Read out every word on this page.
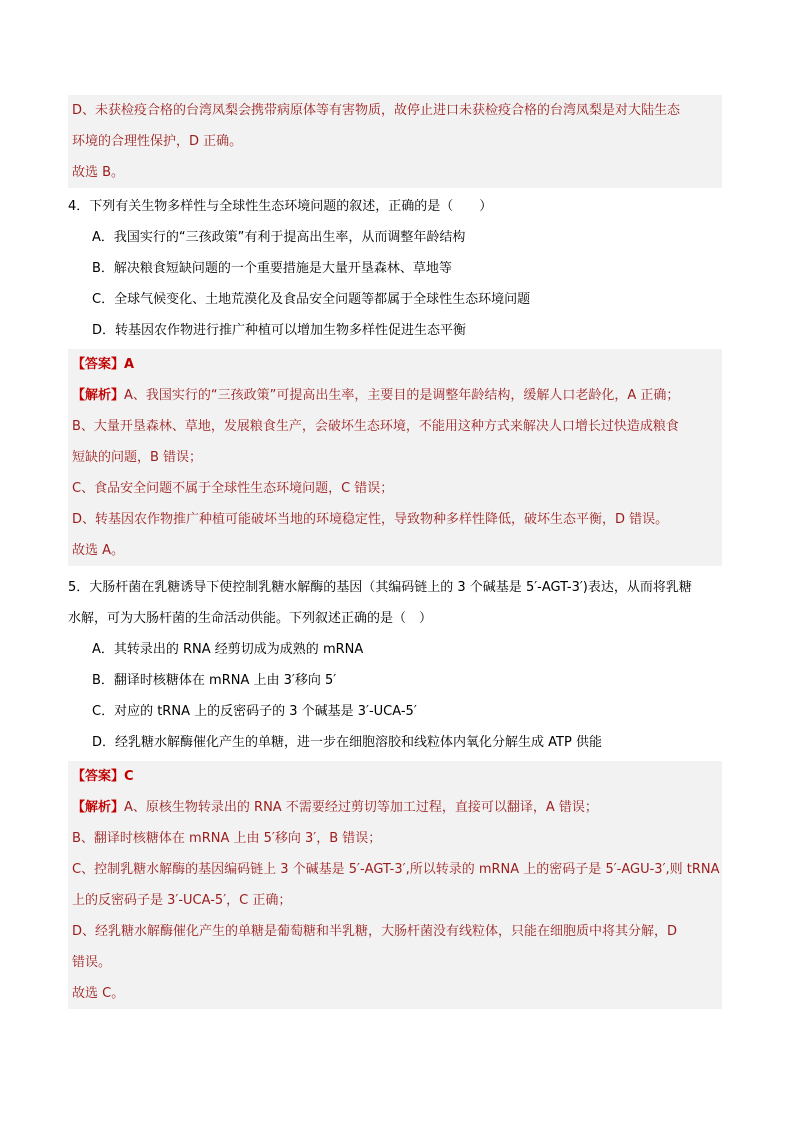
D、未获检疫合格的台湾凤梨会携带病原体等有害物质，故停止进口未获检疫合格的台湾凤梨是对大陆生态
环境的合理性保护，D 正确。
故选 B。
4．下列有关生物多样性与全球性生态环境问题的叙述，正确的是（　　）
A．我国实行的“三孩政策”有利于提高出生率，从而调整年龄结构
B．解决粮食短缺问题的一个重要措施是大量开垦森林、草地等
C．全球气候变化、土地荒漠化及食品安全问题等都属于全球性生态环境问题
D．转基因农作物进行推广种植可以增加生物多样性促进生态平衡
【答案】A
【解析】A、我国实行的“三孩政策”可提高出生率，主要目的是调整年龄结构，缓解人口老龄化，A 正确；
B、大量开垦森林、草地，发展粮食生产，会破坏生态环境，不能用这种方式来解决人口增长过快造成粮食
短缺的问题，B 错误；
C、食品安全问题不属于全球性生态环境问题，C 错误；
D、转基因农作物推广种植可能破坏当地的环境稳定性，导致物种多样性降低，破坏生态平衡，D 错误。
故选 A。
5．大肠杆菌在乳糖诱导下使控制乳糖水解酶的基因（其编码链上的 3 个碱基是 5′-AGT-3′)表达，从而将乳糖
水解，可为大肠杆菌的生命活动供能。下列叙述正确的是（　）
A．其转录出的 RNA 经剪切成为成熟的 mRNA
B．翻译时核糖体在 mRNA 上由 3′移向 5′
C．对应的 tRNA 上的反密码子的 3 个碱基是 3′-UCA-5′
D．经乳糖水解酶催化产生的单糖，进一步在细胞溶胶和线粒体内氧化分解生成 ATP 供能
【答案】C
【解析】A、原核生物转录出的 RNA 不需要经过剪切等加工过程，直接可以翻译，A 错误；
B、翻译时核糖体在 mRNA 上由 5′移向 3′，B 错误；
C、控制乳糖水解酶的基因编码链上 3 个碱基是 5′-AGT-3′,所以转录的 mRNA 上的密码子是 5′-AGU-3′,则 tRNA
上的反密码子是 3′-UCA-5′，C 正确；
D、经乳糖水解酶催化产生的单糖是葡萄糖和半乳糖，大肠杆菌没有线粒体，只能在细胞质中将其分解，D
错误。
故选 C。
